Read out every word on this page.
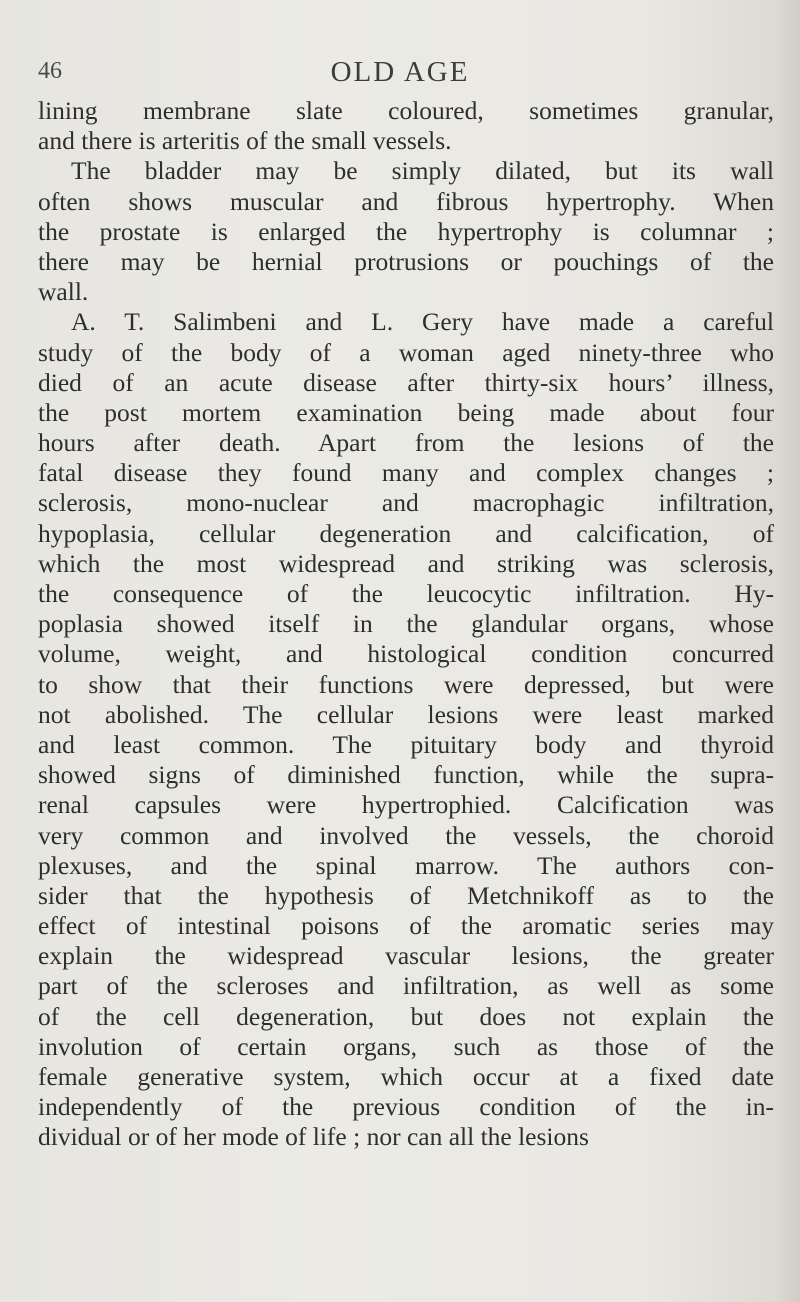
46	OLD AGE
lining membrane slate coloured, sometimes granular,
and there is arteritis of the small vessels.
The bladder may be simply dilated, but its wall
often shows muscular and fibrous hypertrophy. When
the prostate is enlarged the hypertrophy is columnar ;
there may be hernial protrusions or pouchings of the
wall.
A. T. Salimbeni and L. Gery have made a careful
study of the body of a woman aged ninety-three who
died of an acute disease after thirty-six hours’ illness,
the post mortem examination being made about four
hours after death. Apart from the lesions of the
fatal disease they found many and complex changes ;
sclerosis, mono-nuclear and macrophagic infiltration,
hypoplasia, cellular degeneration and calcification, of
which the most widespread and striking was sclerosis,
the consequence of the leucocytic infiltration. Hy-
poplasia showed itself in the glandular organs, whose
volume, weight, and histological condition concurred
to show that their functions were depressed, but were
not abolished. The cellular lesions were least marked
and least common. The pituitary body and thyroid
showed signs of diminished function, while the supra-
renal capsules were hypertrophied. Calcification was
very common and involved the vessels, the choroid
plexuses, and the spinal marrow. The authors con-
sider that the hypothesis of Metchnikoff as to the
effect of intestinal poisons of the aromatic series may
explain the widespread vascular lesions, the greater
part of the scleroses and infiltration, as well as some
of the cell degeneration, but does not explain the
involution of certain organs, such as those of the
female generative system, which occur at a fixed date
independently of the previous condition of the in-
dividual or of her mode of life ; nor can all the lesions
